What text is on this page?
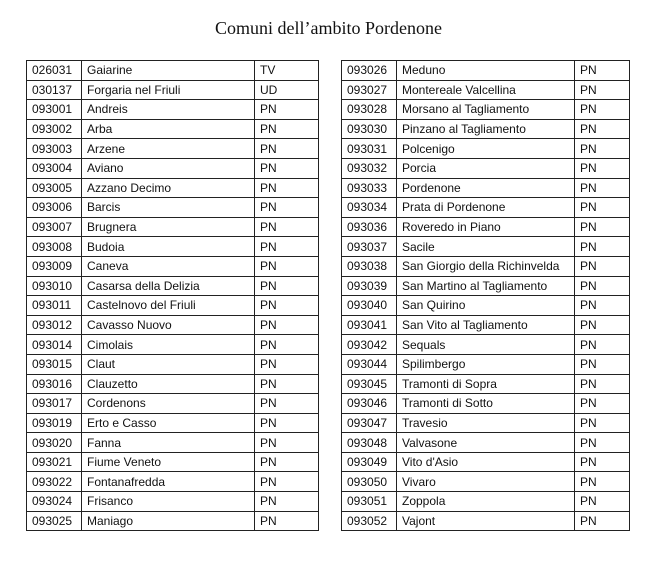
Comuni dell’ambito Pordenone
026031	Gaiarine	TV
030137	Forgaria nel Friuli	UD
093001	Andreis	PN
093002	Arba	PN
093003	Arzene	PN
093004	Aviano	PN
093005	Azzano Decimo	PN
093006	Barcis	PN
093007	Brugnera	PN
093008	Budoia	PN
093009	Caneva	PN
093010	Casarsa della Delizia	PN
093011	Castelnovo del Friuli	PN
093012	Cavasso Nuovo	PN
093014	Cimolais	PN
093015	Claut	PN
093016	Clauzetto	PN
093017	Cordenons	PN
093019	Erto e Casso	PN
093020	Fanna	PN
093021	Fiume Veneto	PN
093022	Fontanafredda	PN
093024	Frisanco	PN
093025	Maniago	PN
093026	Meduno	PN
093027	Montereale Valcellina	PN
093028	Morsano al Tagliamento	PN
093030	Pinzano al Tagliamento	PN
093031	Polcenigo	PN
093032	Porcia	PN
093033	Pordenone	PN
093034	Prata di Pordenone	PN
093036	Roveredo in Piano	PN
093037	Sacile	PN
093038	San Giorgio della Richinvelda	PN
093039	San Martino al Tagliamento	PN
093040	San Quirino	PN
093041	San Vito al Tagliamento	PN
093042	Sequals	PN
093044	Spilimbergo	PN
093045	Tramonti di Sopra	PN
093046	Tramonti di Sotto	PN
093047	Travesio	PN
093048	Valvasone	PN
093049	Vito d'Asio	PN
093050	Vivaro	PN
093051	Zoppola	PN
093052	Vajont	PN
